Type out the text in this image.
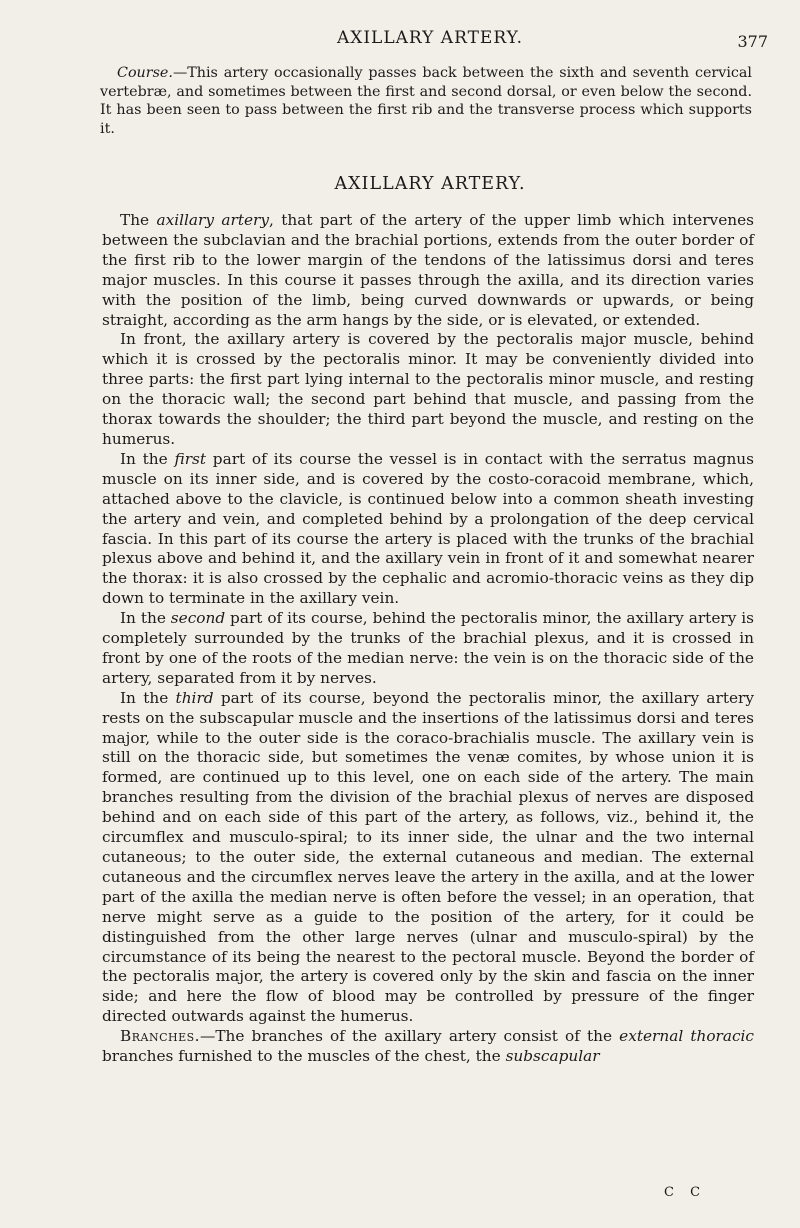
AXILLARY ARTERY.	377

Course.—This artery occasionally passes back between the sixth and seventh cervical vertebræ, and sometimes between the first and second dorsal, or even below the second. It has been seen to pass between the first rib and the transverse process which supports it.

AXILLARY ARTERY.

The axillary artery, that part of the artery of the upper limb which intervenes between the subclavian and the brachial portions, extends from the outer border of the first rib to the lower margin of the tendons of the latissimus dorsi and teres major muscles. In this course it passes through the axilla, and its direction varies with the position of the limb, being curved downwards or upwards, or being straight, according as the arm hangs by the side, or is elevated, or extended.

In front, the axillary artery is covered by the pectoralis major muscle, behind which it is crossed by the pectoralis minor. It may be conveniently divided into three parts: the first part lying internal to the pectoralis minor muscle, and resting on the thoracic wall; the second part behind that muscle, and passing from the thorax towards the shoulder; the third part beyond the muscle, and resting on the humerus.

In the first part of its course the vessel is in contact with the serratus magnus muscle on its inner side, and is covered by the costo-coracoid membrane, which, attached above to the clavicle, is continued below into a common sheath investing the artery and vein, and completed behind by a prolongation of the deep cervical fascia. In this part of its course the artery is placed with the trunks of the brachial plexus above and behind it, and the axillary vein in front of it and somewhat nearer the thorax: it is also crossed by the cephalic and acromio-thoracic veins as they dip down to terminate in the axillary vein.

In the second part of its course, behind the pectoralis minor, the axillary artery is completely surrounded by the trunks of the brachial plexus, and it is crossed in front by one of the roots of the median nerve: the vein is on the thoracic side of the artery, separated from it by nerves.

In the third part of its course, beyond the pectoralis minor, the axillary artery rests on the subscapular muscle and the insertions of the latissimus dorsi and teres major, while to the outer side is the coraco-brachialis muscle. The axillary vein is still on the thoracic side, but sometimes the venæ comites, by whose union it is formed, are continued up to this level, one on each side of the artery. The main branches resulting from the division of the brachial plexus of nerves are disposed behind and on each side of this part of the artery, as follows, viz., behind it, the circumflex and musculo-spiral; to its inner side, the ulnar and the two internal cutaneous; to the outer side, the external cutaneous and median. The external cutaneous and the circumflex nerves leave the artery in the axilla, and at the lower part of the axilla the median nerve is often before the vessel; in an operation, that nerve might serve as a guide to the position of the artery, for it could be distinguished from the other large nerves (ulnar and musculo-spiral) by the circumstance of its being the nearest to the pectoral muscle. Beyond the border of the pectoralis major, the artery is covered only by the skin and fascia on the inner side; and here the flow of blood may be controlled by pressure of the finger directed outwards against the humerus.

Branches.—The branches of the axillary artery consist of the external thoracic branches furnished to the muscles of the chest, the subscapular

C C
